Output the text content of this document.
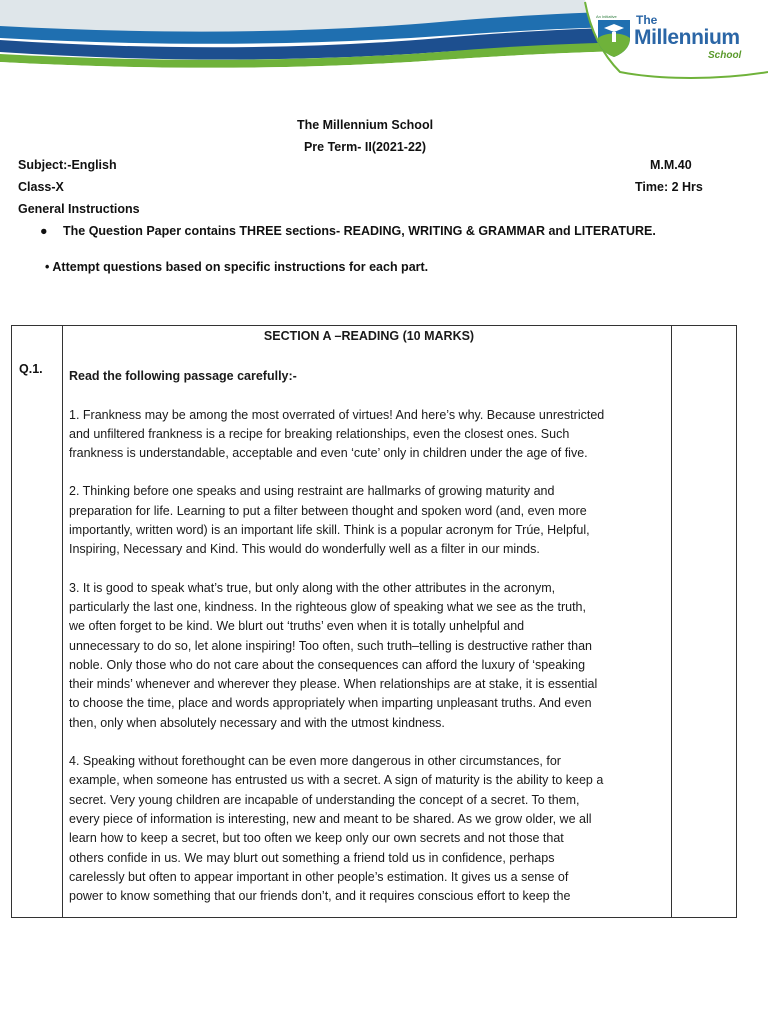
An Initiative The
Millennium
School
The Millennium School
Pre Term- II(2021-22)
Subject:-English	M.M.40
Class-X	Time: 2 Hrs
General Instructions
● The Question Paper contains THREE sections- READING, WRITING & GRAMMAR and LITERATURE.
• Attempt questions based on specific instructions for each part.
Q.1.
SECTION A –READING (10 MARKS)
Read the following passage carefully:-

1. Frankness may be among the most overrated of virtues! And here’s why. Because unrestricted

and unfiltered frankness is a recipe for breaking relationships, even the closest ones. Such

frankness is understandable, acceptable and even ‘cute’ only in children under the age of five.

2. Thinking before one speaks and using restraint are hallmarks of growing maturity and

preparation for life. Learning to put a filter between thought and spoken word (and, even more

importantly, written word) is an important life skill. Think is a popular acronym for Trúe, Helpful,

Inspiring, Necessary and Kind. This would do wonderfully well as a filter in our minds.

3. It is good to speak what’s true, but only along with the other attributes in the acronym,

particularly the last one, kindness. In the righteous glow of speaking what we see as the truth,

we often forget to be kind. We blurt out ‘truths’ even when it is totally unhelpful and

unnecessary to do so, let alone inspiring! Too often, such truth–telling is destructive rather than

noble. Only those who do not care about the consequences can afford the luxury of ‘speaking

their minds’ whenever and wherever they please. When relationships are at stake, it is essential

to choose the time, place and words appropriately when imparting unpleasant truths. And even

then, only when absolutely necessary and with the utmost kindness.

4. Speaking without forethought can be even more dangerous in other circumstances, for

example, when someone has entrusted us with a secret. A sign of maturity is the ability to keep a

secret. Very young children are incapable of understanding the concept of a secret. To them,

every piece of information is interesting, new and meant to be shared. As we grow older, we all

learn how to keep a secret, but too often we keep only our own secrets and not those that

others confide in us. We may blurt out something a friend told us in confidence, perhaps

carelessly but often to appear important in other people’s estimation. It gives us a sense of

power to know something that our friends don’t, and it requires conscious effort to keep the
